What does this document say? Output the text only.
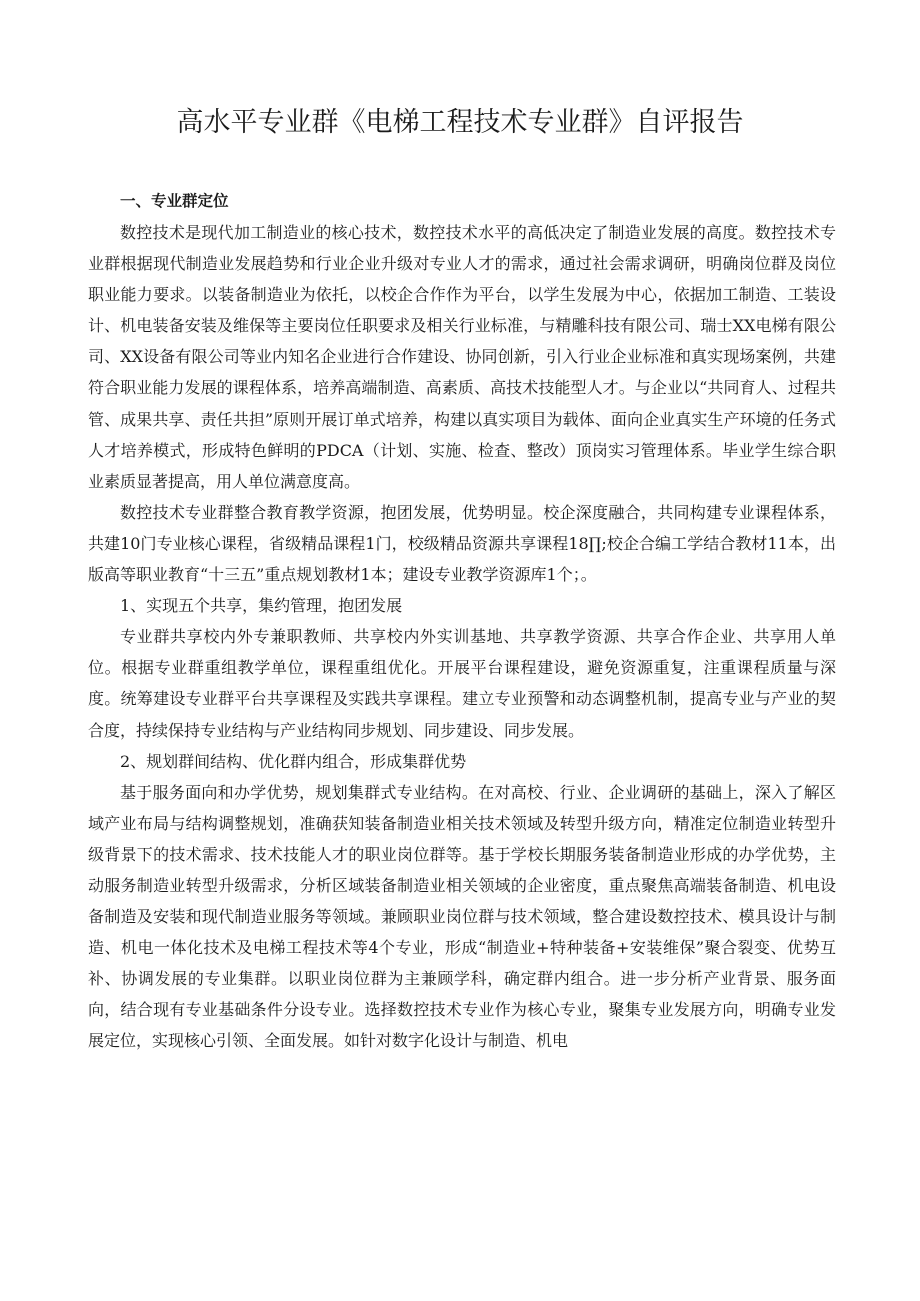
高水平专业群《电梯工程技术专业群》自评报告

一、专业群定位

数控技术是现代加工制造业的核心技术，数控技术水平的高低决定了制造业发展的高度。数控技术专业群根据现代制造业发展趋势和行业企业升级对专业人才的需求，通过社会需求调研，明确岗位群及岗位职业能力要求。以装备制造业为依托，以校企合作作为平台，以学生发展为中心，依据加工制造、工装设计、机电装备安装及维保等主要岗位任职要求及相关行业标准，与精雕科技有限公司、瑞士XX电梯有限公司、XX设备有限公司等业内知名企业进行合作建设、协同创新，引入行业企业标准和真实现场案例，共建符合职业能力发展的课程体系，培养高端制造、高素质、高技术技能型人才。与企业以“共同育人、过程共管、成果共享、责任共担”原则开展订单式培养，构建以真实项目为载体、面向企业真实生产环境的任务式人才培养模式，形成特色鲜明的PDCA（计划、实施、检查、整改）顶岗实习管理体系。毕业学生综合职业素质显著提高，用人单位满意度高。

数控技术专业群整合教育教学资源，抱团发展，优势明显。校企深度融合，共同构建专业课程体系，共建10门专业核心课程，省级精品课程1门，校级精品资源共享课程18∏;校企合编工学结合教材11本，出版高等职业教育“十三五”重点规划教材1本；建设专业教学资源库1个；。

1、实现五个共享，集约管理，抱团发展

专业群共享校内外专兼职教师、共享校内外实训基地、共享教学资源、共享合作企业、共享用人单位。根据专业群重组教学单位，课程重组优化。开展平台课程建设，避免资源重复，注重课程质量与深度。统筹建设专业群平台共享课程及实践共享课程。建立专业预警和动态调整机制，提高专业与产业的契合度，持续保持专业结构与产业结构同步规划、同步建设、同步发展。

2、规划群间结构、优化群内组合，形成集群优势

基于服务面向和办学优势，规划集群式专业结构。在对高校、行业、企业调研的基础上，深入了解区域产业布局与结构调整规划，准确获知装备制造业相关技术领域及转型升级方向，精准定位制造业转型升级背景下的技术需求、技术技能人才的职业岗位群等。基于学校长期服务装备制造业形成的办学优势，主动服务制造业转型升级需求，分析区域装备制造业相关领域的企业密度，重点聚焦高端装备制造、机电设备制造及安装和现代制造业服务等领域。兼顾职业岗位群与技术领域，整合建设数控技术、模具设计与制造、机电一体化技术及电梯工程技术等4个专业，形成“制造业+特种装备+安装维保”聚合裂变、优势互补、协调发展的专业集群。以职业岗位群为主兼顾学科，确定群内组合。进一步分析产业背景、服务面向，结合现有专业基础条件分设专业。选择数控技术专业作为核心专业，聚集专业发展方向，明确专业发展定位，实现核心引领、全面发展。如针对数字化设计与制造、机电
